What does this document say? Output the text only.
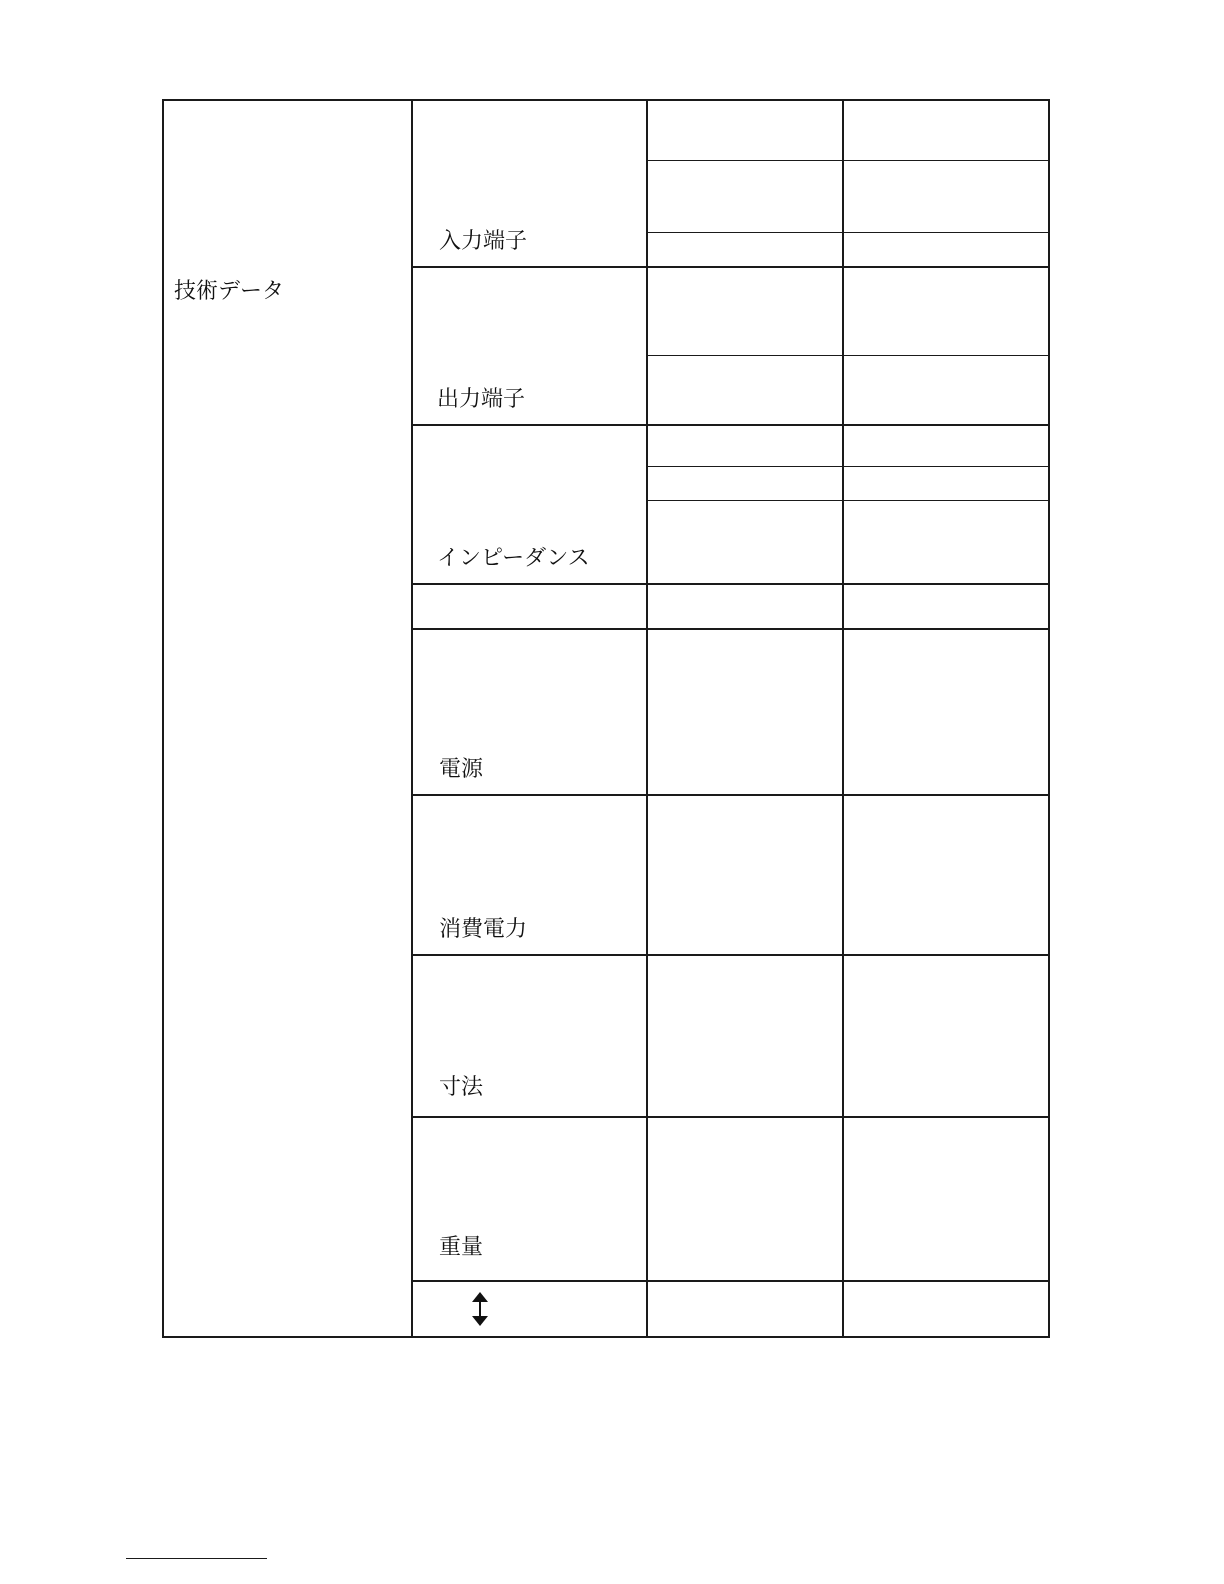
技術データ
入力端子
出力端子
インピーダンス
電源
消費電力
寸法
重量
